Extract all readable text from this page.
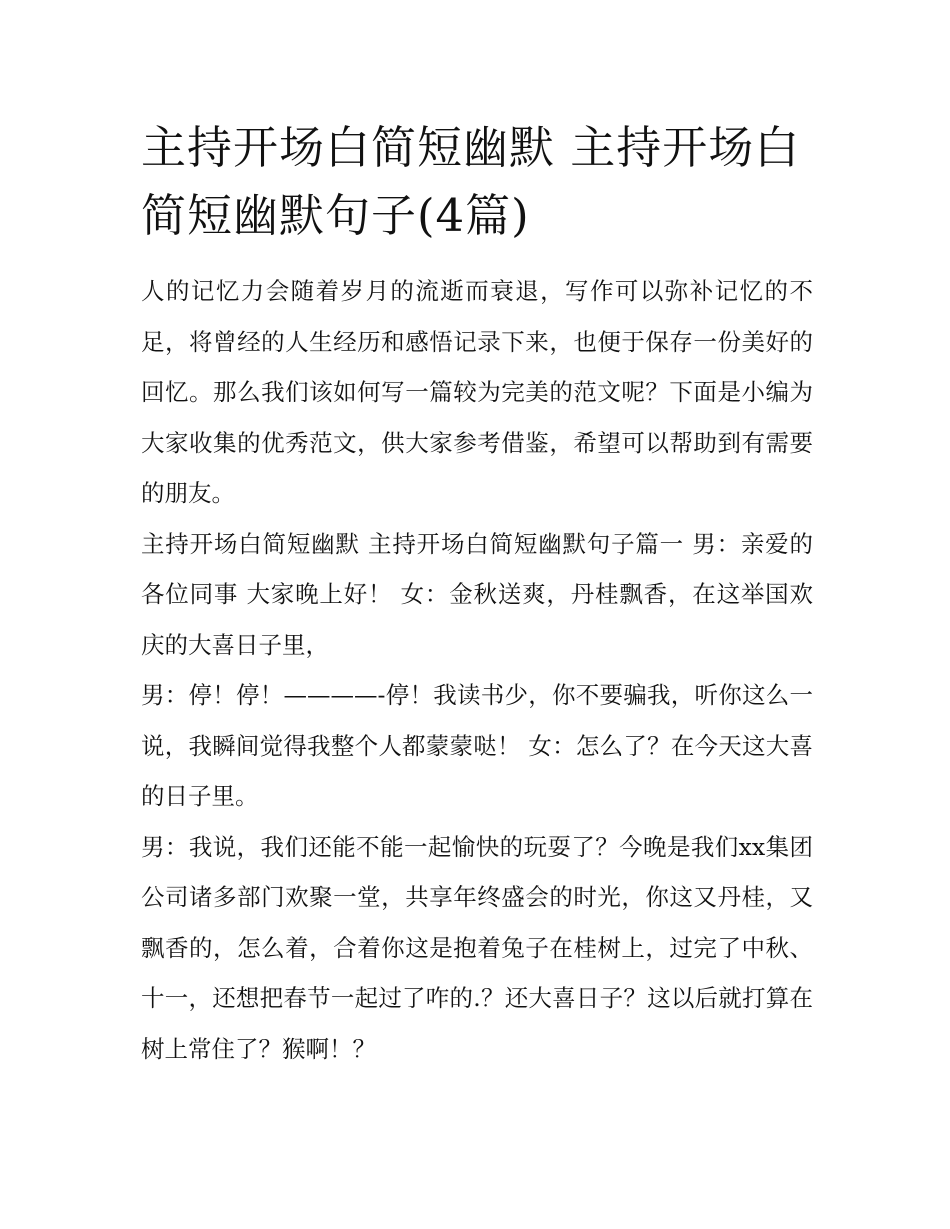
主持开场白简短幽默 主持开场白简短幽默句子(4篇)

人的记忆力会随着岁月的流逝而衰退，写作可以弥补记忆的不足，将曾经的人生经历和感悟记录下来，也便于保存一份美好的回忆。那么我们该如何写一篇较为完美的范文呢？下面是小编为大家收集的优秀范文，供大家参考借鉴，希望可以帮助到有需要的朋友。

主持开场白简短幽默 主持开场白简短幽默句子篇一 男：亲爱的各位同事 大家晚上好！ 女：金秋送爽，丹桂飘香，在这举国欢庆的大喜日子里，

男：停！停！————-停！我读书少，你不要骗我，听你这么一说，我瞬间觉得我整个人都蒙蒙哒！ 女：怎么了？在今天这大喜的日子里。

男：我说，我们还能不能一起愉快的玩耍了？今晚是我们xx集团公司诸多部门欢聚一堂，共享年终盛会的时光，你这又丹桂，又飘香的，怎么着，合着你这是抱着兔子在桂树上，过完了中秋、十一，还想把春节一起过了咋的.？还大喜日子？这以后就打算在树上常住了？猴啊！？
